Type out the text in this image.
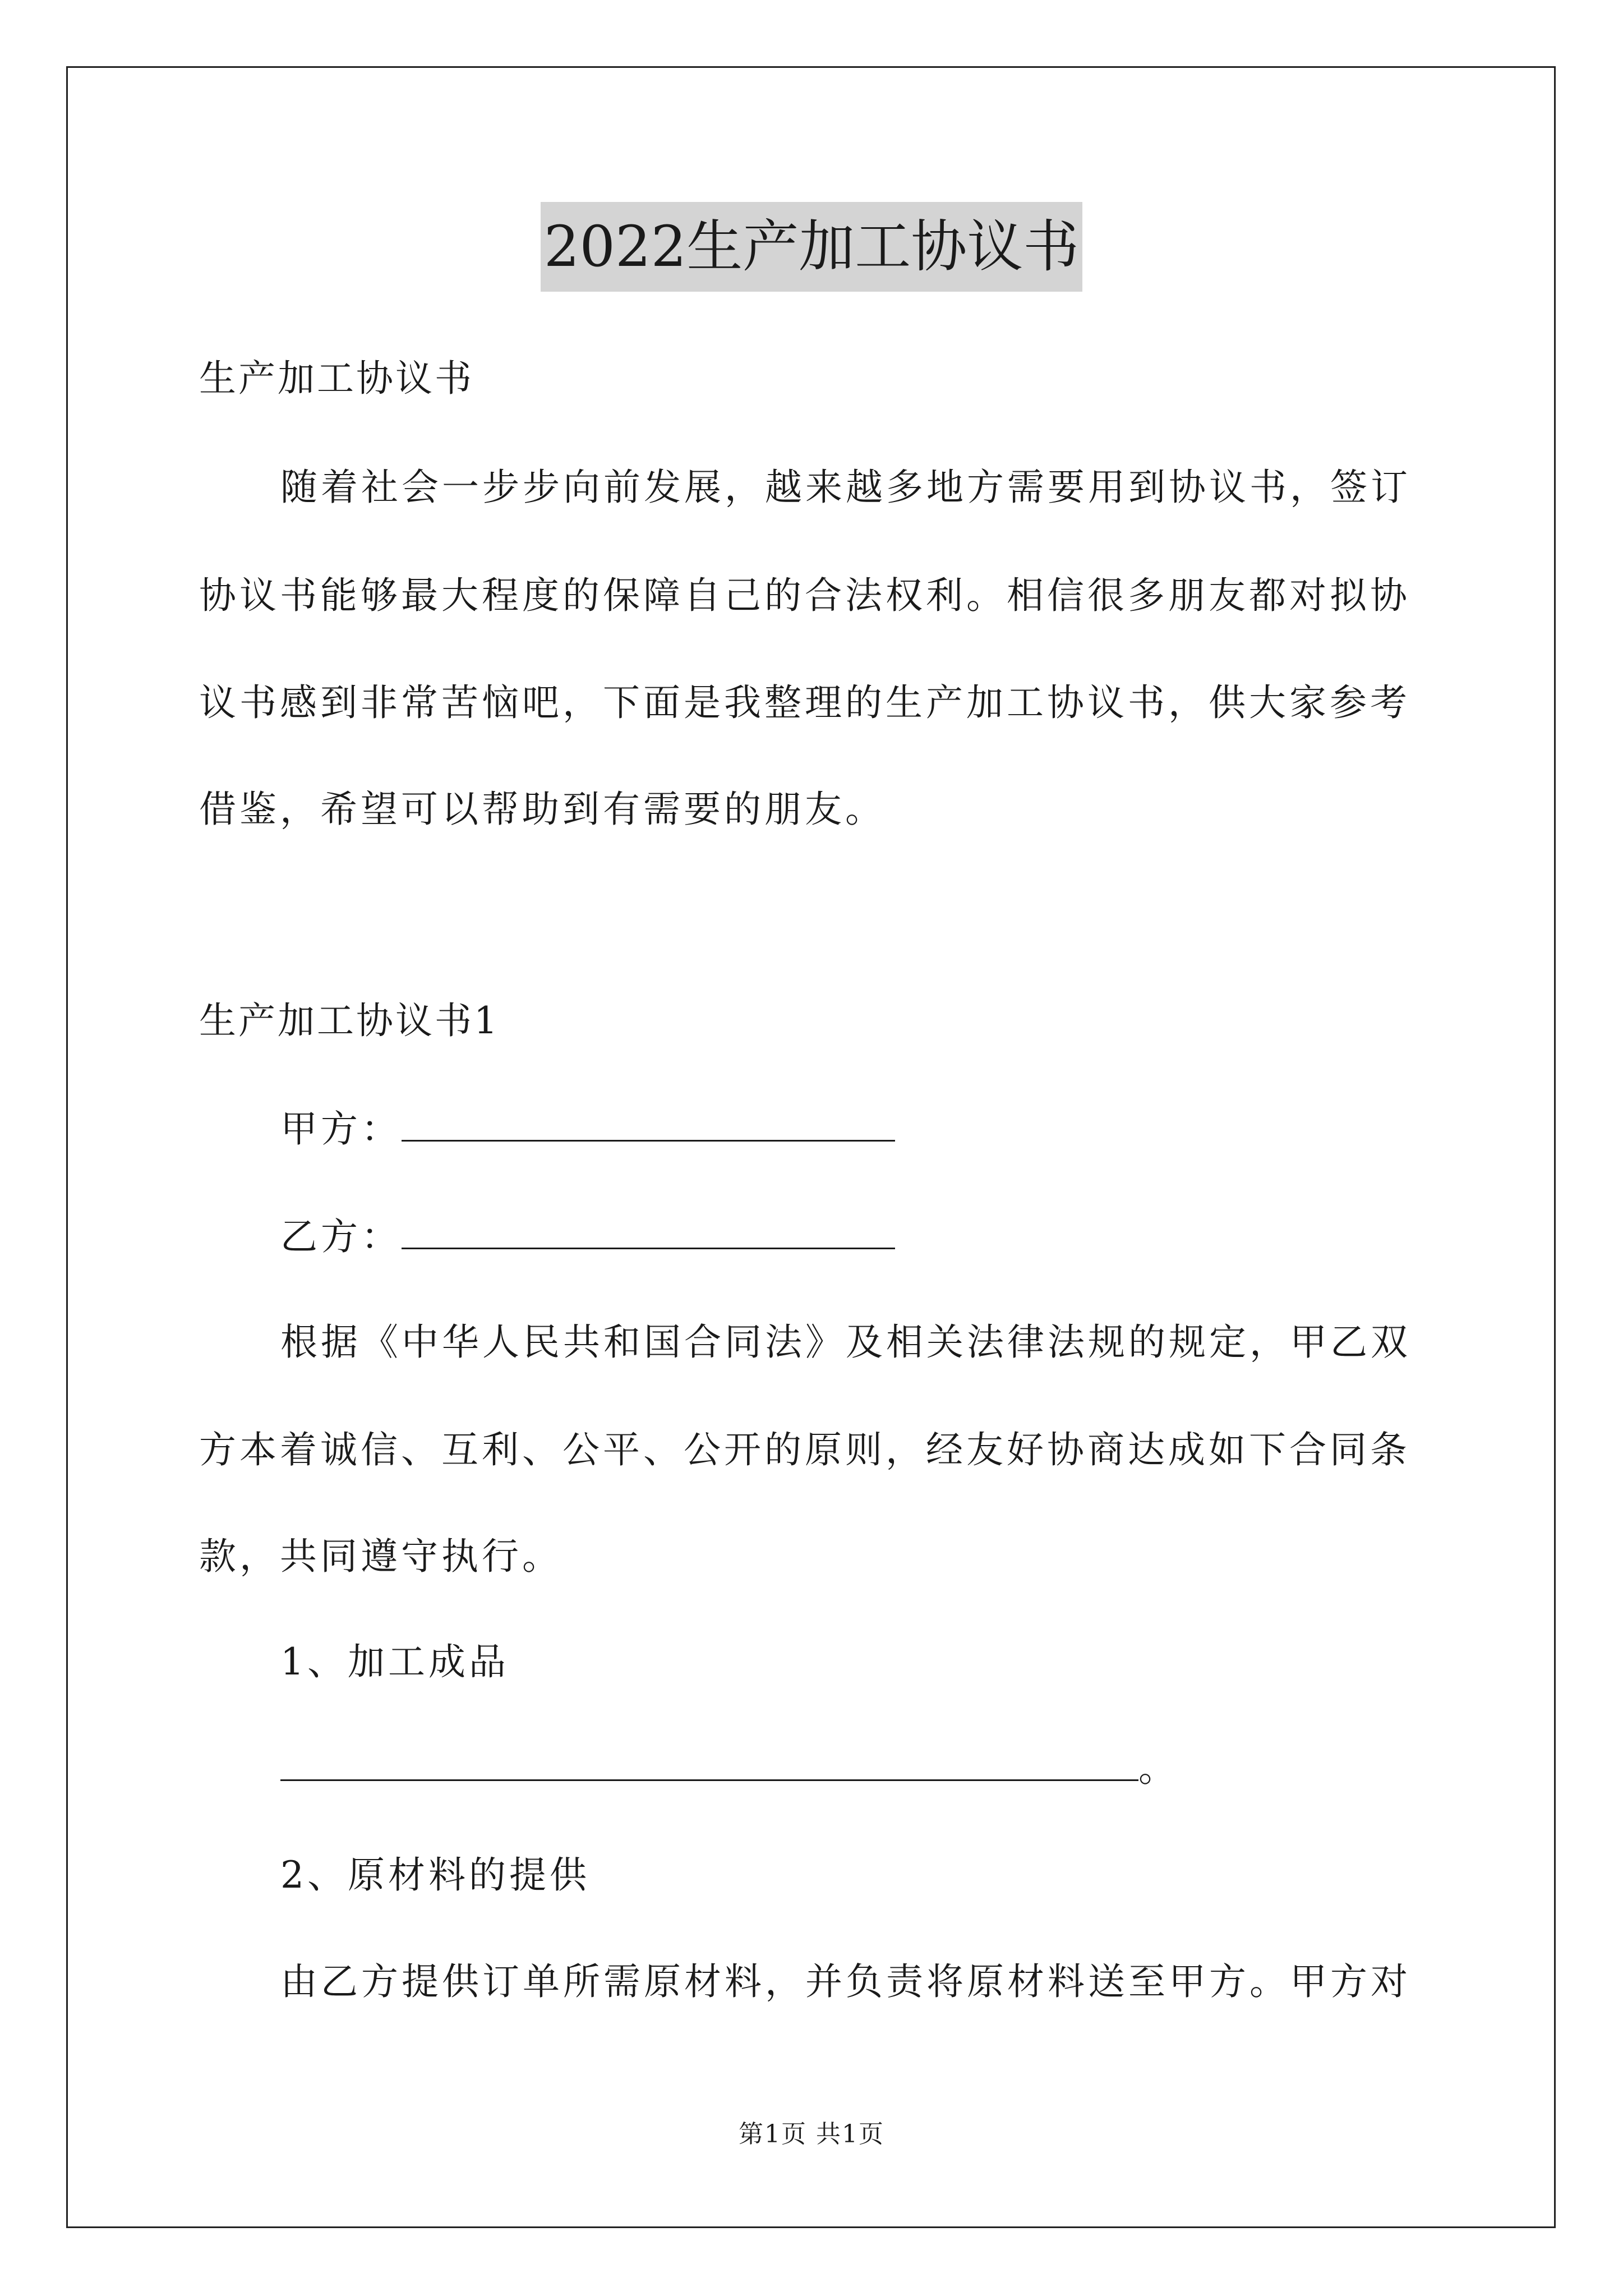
2022生产加工协议书
生产加工协议书
随着社会一步步向前发展，越来越多地方需要用到协议书，签订
协议书能够最大程度的保障自己的合法权利。相信很多朋友都对拟协
议书感到非常苦恼吧，下面是我整理的生产加工协议书，供大家参考
借鉴，希望可以帮助到有需要的朋友。
生产加工协议书1
甲方：
乙方：
根据《中华人民共和国合同法》及相关法律法规的规定，甲乙双
方本着诚信、互利、公平、公开的原则，经友好协商达成如下合同条
款，共同遵守执行。
1、加工成品
。
2、原材料的提供
由乙方提供订单所需原材料，并负责将原材料送至甲方。甲方对
第1页 共1页
